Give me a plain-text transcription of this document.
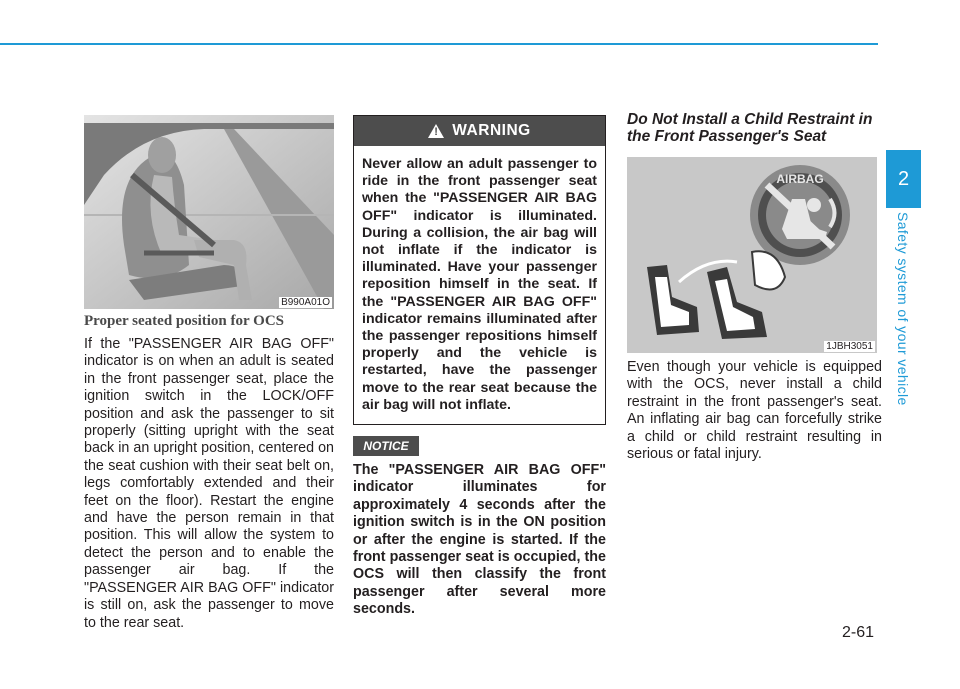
2
Safety system of your vehicle
B990A01O
Proper seated position for OCS
If the "PASSENGER AIR BAG OFF" indicator is on when an adult is seated in the front passenger seat, place the ignition switch in the LOCK/OFF position and ask the passenger to sit properly (sitting upright with the seat back in an upright position, centered on the seat cushion with their seat belt on, legs comfortably extended and their feet on the floor). Restart the engine and have the person remain in that position. This will allow the system to detect the person and to enable the passenger air bag. If the "PASSENGER AIR BAG OFF" indicator is still on, ask the passenger to move to the rear seat.
! WARNING
Never allow an adult passenger to ride in the front passenger seat when the "PASSENGER AIR BAG OFF" indicator is illuminated. During a collision, the air bag will not inflate if the indicator is illuminated. Have your passenger reposition himself in the seat. If the "PASSENGER AIR BAG OFF" indicator remains illuminated after the passenger repositions himself properly and the vehicle is restarted, have the passenger move to the rear seat because the air bag will not inflate.
NOTICE
The "PASSENGER AIR BAG OFF" indicator illuminates for approximately 4 seconds after the ignition switch is in the ON position or after the engine is started. If the front passenger seat is occupied, the OCS will then classify the front passenger after several more seconds.
Do Not Install a Child Restraint in the Front Passenger's Seat
AIRBAG
1JBH3051
Even though your vehicle is equipped with the OCS, never install a child restraint in the front passenger's seat. An inflating air bag can forcefully strike a child or child restraint resulting in serious or fatal injury.
2-61
